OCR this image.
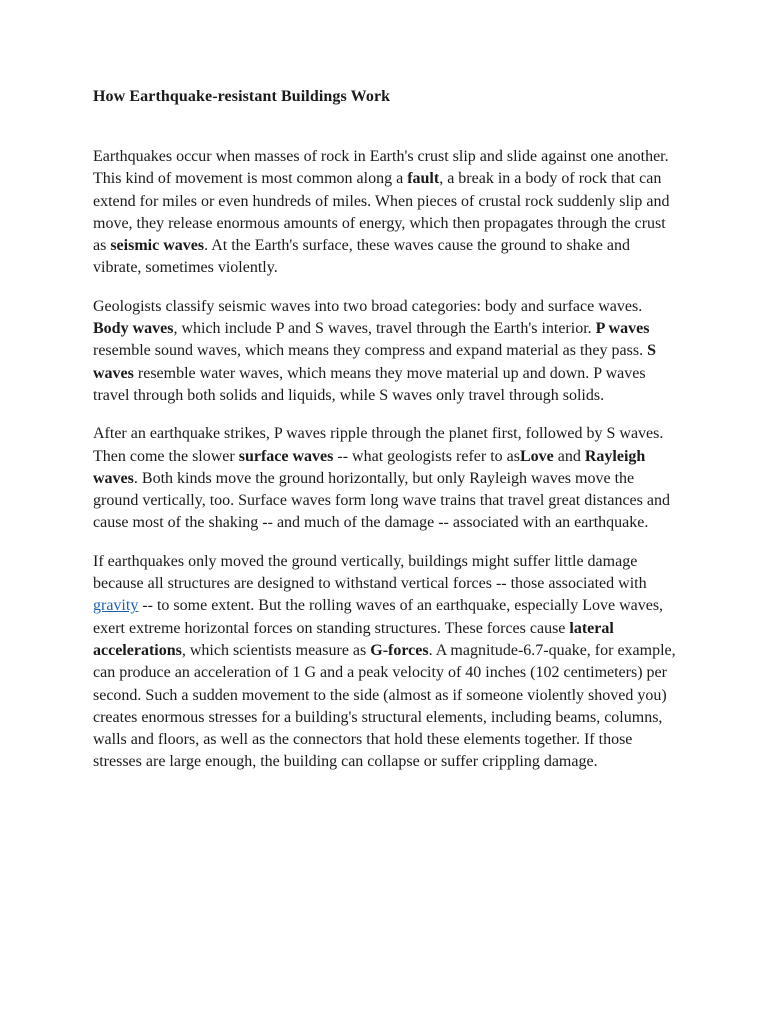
How Earthquake-resistant Buildings Work

Earthquakes occur when masses of rock in Earth's crust slip and slide against one another. This kind of movement is most common along a fault, a break in a body of rock that can extend for miles or even hundreds of miles. When pieces of crustal rock suddenly slip and move, they release enormous amounts of energy, which then propagates through the crust as seismic waves. At the Earth's surface, these waves cause the ground to shake and vibrate, sometimes violently.

Geologists classify seismic waves into two broad categories: body and surface waves. Body waves, which include P and S waves, travel through the Earth's interior. P waves resemble sound waves, which means they compress and expand material as they pass. S waves resemble water waves, which means they move material up and down. P waves travel through both solids and liquids, while S waves only travel through solids.

After an earthquake strikes, P waves ripple through the planet first, followed by S waves. Then come the slower surface waves -- what geologists refer to asLove and Rayleigh waves. Both kinds move the ground horizontally, but only Rayleigh waves move the ground vertically, too. Surface waves form long wave trains that travel great distances and cause most of the shaking -- and much of the damage -- associated with an earthquake.

If earthquakes only moved the ground vertically, buildings might suffer little damage because all structures are designed to withstand vertical forces -- those associated with gravity -- to some extent. But the rolling waves of an earthquake, especially Love waves, exert extreme horizontal forces on standing structures. These forces cause lateral accelerations, which scientists measure as G-forces. A magnitude-6.7-quake, for example, can produce an acceleration of 1 G and a peak velocity of 40 inches (102 centimeters) per second. Such a sudden movement to the side (almost as if someone violently shoved you) creates enormous stresses for a building's structural elements, including beams, columns, walls and floors, as well as the connectors that hold these elements together. If those stresses are large enough, the building can collapse or suffer crippling damage.
